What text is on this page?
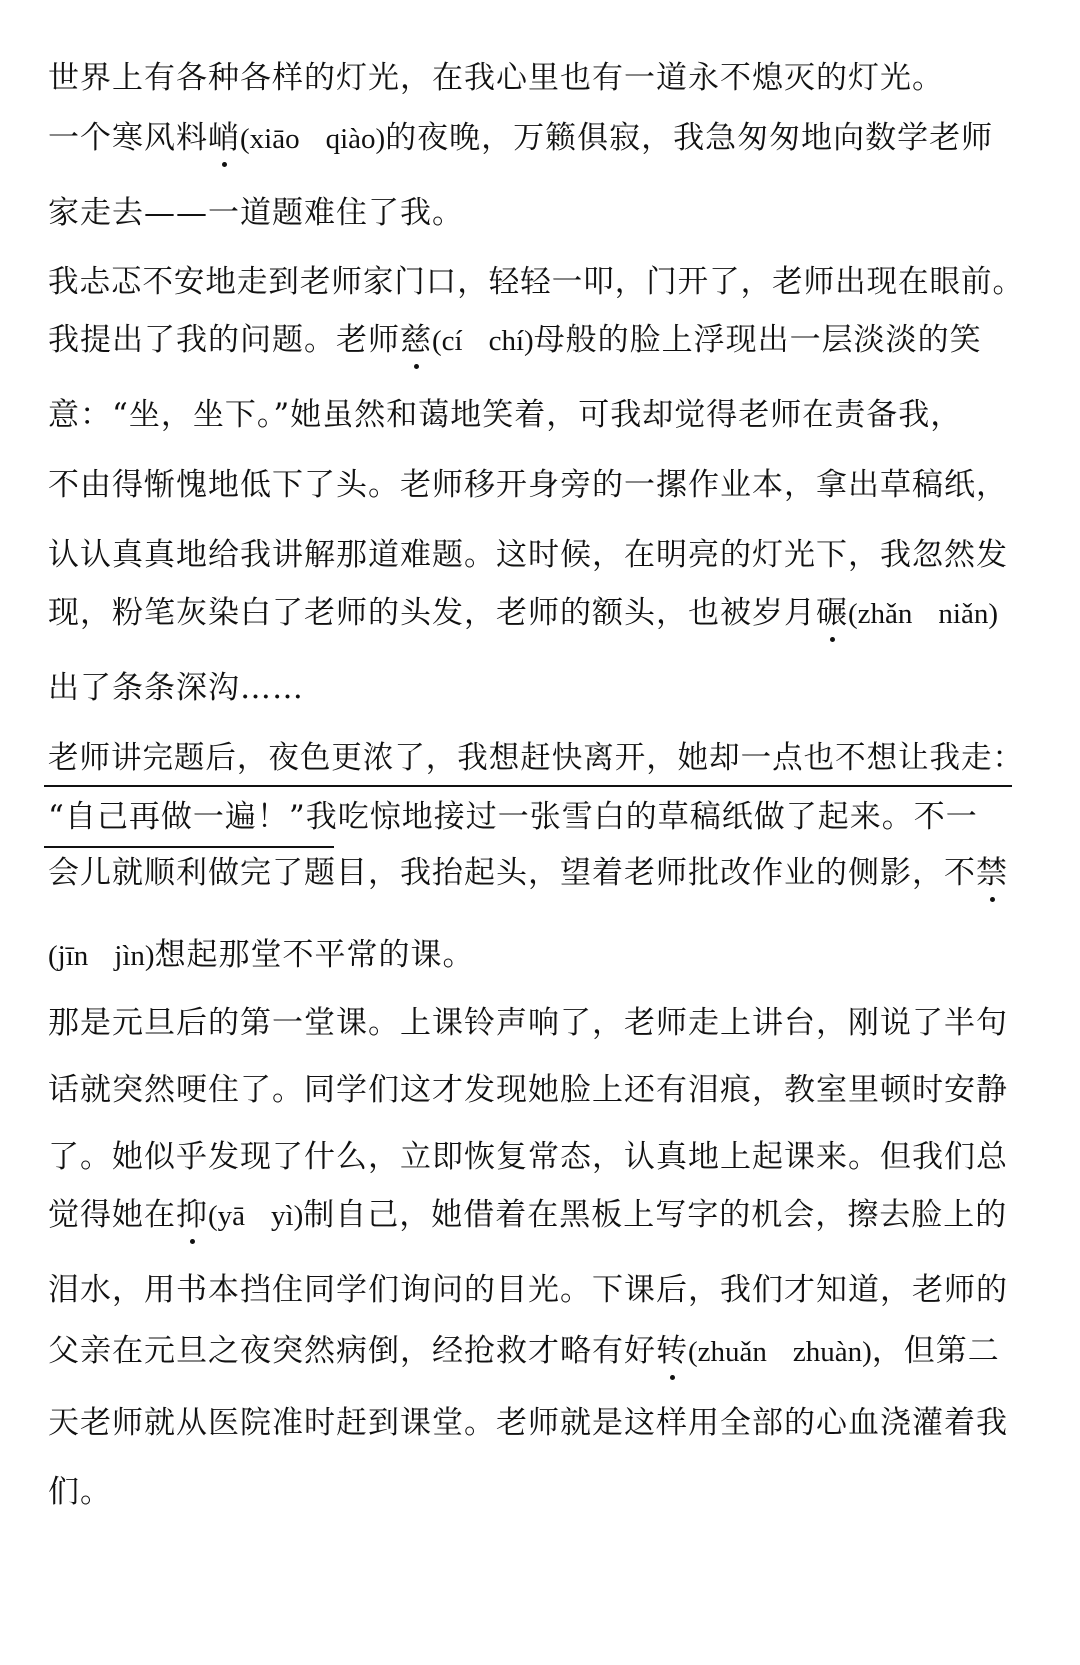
世界上有各种各样的灯光，在我心里也有一道永不熄灭的灯光。
一个寒风料峭(xiāo qiào)的夜晚，万籁俱寂，我急匆匆地向数学老师
家走去——一道题难住了我。
我忐忑不安地走到老师家门口，轻轻一叩，门开了，老师出现在眼前。
我提出了我的问题。老师慈(cí chí)母般的脸上浮现出一层淡淡的笑
意：“坐，坐下。”她虽然和蔼地笑着，可我却觉得老师在责备我，
不由得惭愧地低下了头。老师移开身旁的一摞作业本，拿出草稿纸，
认认真真地给我讲解那道难题。这时候，在明亮的灯光下，我忽然发
现，粉笔灰染白了老师的头发，老师的额头，也被岁月碾(zhǎn niǎn)
出了条条深沟……
老师讲完题后，夜色更浓了，我想赶快离开，她却一点也不想让我走：
“自己再做一遍！”我吃惊地接过一张雪白的草稿纸做了起来。不一
会儿就顺利做完了题目，我抬起头，望着老师批改作业的侧影，不禁
(jīn jìn)想起那堂不平常的课。
那是元旦后的第一堂课。上课铃声响了，老师走上讲台，刚说了半句
话就突然哽住了。同学们这才发现她脸上还有泪痕，教室里顿时安静
了。她似乎发现了什么，立即恢复常态，认真地上起课来。但我们总
觉得她在抑(yā yì)制自己，她借着在黑板上写字的机会，擦去脸上的
泪水，用书本挡住同学们询问的目光。下课后，我们才知道，老师的
父亲在元旦之夜突然病倒，经抢救才略有好转(zhuǎn zhuàn)，但第二
天老师就从医院准时赶到课堂。老师就是这样用全部的心血浇灌着我
们。
